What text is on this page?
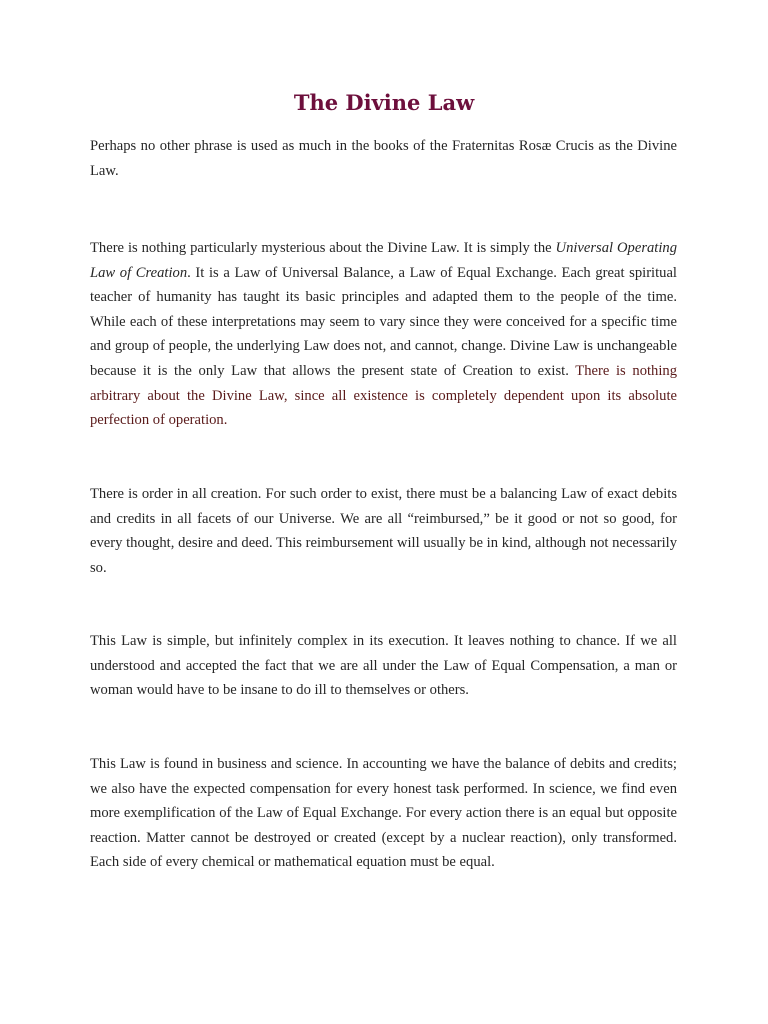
The Divine Law

Perhaps no other phrase is used as much in the books of the Fraternitas Rosæ Crucis as the Divine Law.

There is nothing particularly mysterious about the Divine Law. It is simply the Universal Operating Law of Creation. It is a Law of Universal Balance, a Law of Equal Exchange. Each great spiritual teacher of humanity has taught its basic principles and adapted them to the people of the time. While each of these interpretations may seem to vary since they were conceived for a specific time and group of people, the underlying Law does not, and cannot, change. Divine Law is unchangeable because it is the only Law that allows the present state of Creation to exist. There is nothing arbitrary about the Divine Law, since all existence is completely dependent upon its absolute perfection of operation.

There is order in all creation. For such order to exist, there must be a balancing Law of exact debits and credits in all facets of our Universe. We are all “reimbursed,” be it good or not so good, for every thought, desire and deed. This reimbursement will usually be in kind, although not necessarily so.

This Law is simple, but infinitely complex in its execution. It leaves nothing to chance. If we all understood and accepted the fact that we are all under the Law of Equal Compensation, a man or woman would have to be insane to do ill to themselves or others.

This Law is found in business and science. In accounting we have the balance of debits and credits; we also have the expected compensation for every honest task performed. In science, we find even more exemplification of the Law of Equal Exchange. For every action there is an equal but opposite reaction. Matter cannot be destroyed or created (except by a nuclear reaction), only transformed. Each side of every chemical or mathematical equation must be equal.
